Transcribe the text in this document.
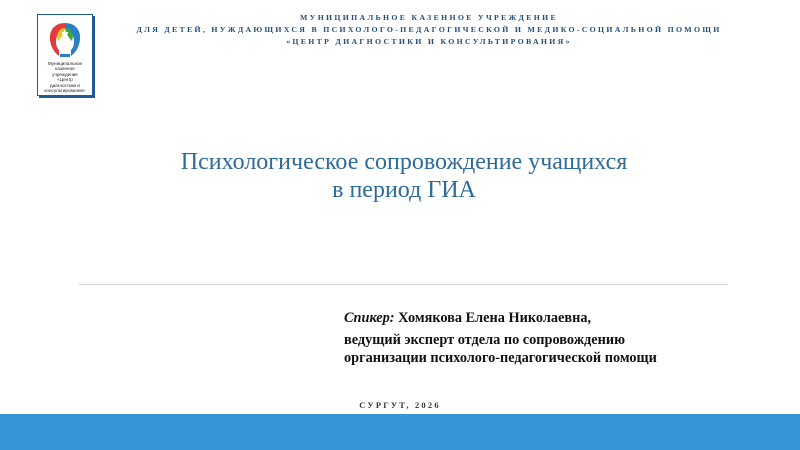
Муниципальное
казенное
учреждение
«Центр
диагностики и
консультирования»
МУНИЦИПАЛЬНОЕ КАЗЕННОЕ УЧРЕЖДЕНИЕ
ДЛЯ ДЕТЕЙ, НУЖДАЮЩИХСЯ В ПСИХОЛОГО-ПЕДАГОГИЧЕСКОЙ И МЕДИКО-СОЦИАЛЬНОЙ ПОМОЩИ
«ЦЕНТР ДИАГНОСТИКИ И КОНСУЛЬТИРОВАНИЯ»
Психологическое сопровождение учащихся
в период ГИА
Спикер: Хомякова Елена Николаевна,
ведущий эксперт отдела по сопровождению
организации психолого-педагогической помощи
СУРГУТ, 2026
